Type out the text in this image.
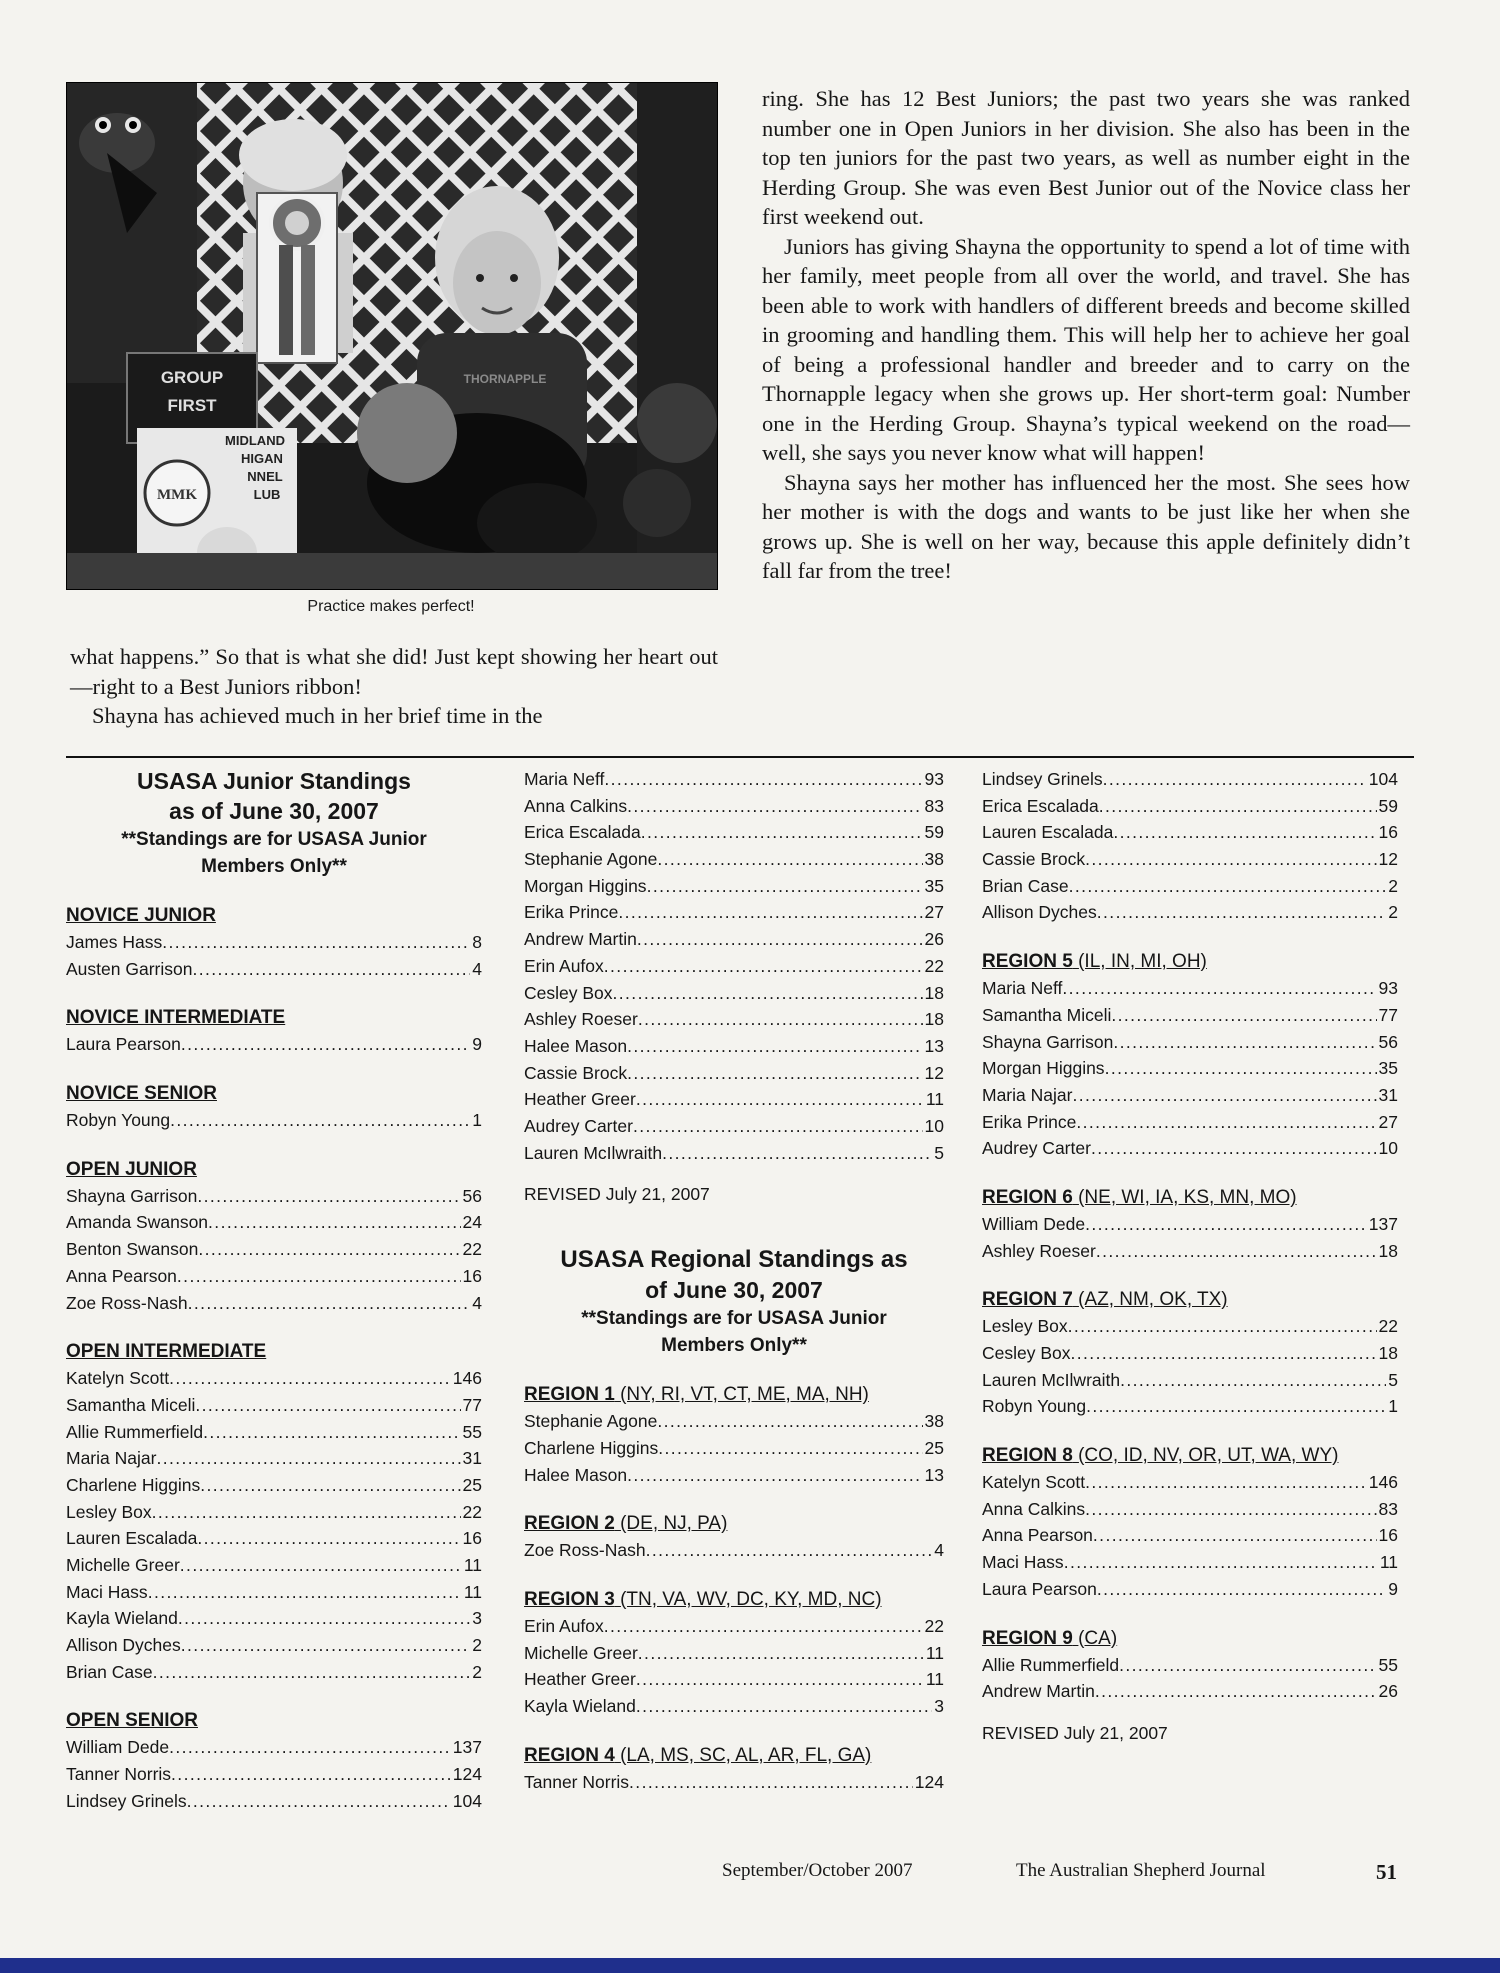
GROUP
FIRST
MMK
MIDLAND
HIGAN
NNEL
LUB
THORNAPPLE
Practice makes perfect!

what happens.” So that is what she did! Just kept showing her heart out—right to a Best Juniors ribbon!

Shayna has achieved much in her brief time in the

ring. She has 12 Best Juniors; the past two years she was ranked number one in Open Juniors in her division. She also has been in the top ten juniors for the past two years, as well as number eight in the Herding Group. She was even Best Junior out of the Novice class her first weekend out.

Juniors has giving Shayna the opportunity to spend a lot of time with her family, meet people from all over the world, and travel. She has been able to work with handlers of different breeds and become skilled in grooming and handling them. This will help her to achieve her goal of being a professional handler and breeder and to carry on the Thornapple legacy when she grows up. Her short-term goal: Number one in the Herding Group. Shayna’s typical weekend on the road—well, she says you never know what will happen!

Shayna says her mother has influenced her the most. She sees how her mother is with the dogs and wants to be just like her when she grows up. She is well on her way, because this apple definitely didn’t fall far from the tree!

USASA Junior Standings
as of June 30, 2007
**Standings are for USASA Junior
Members Only**
NOVICE JUNIOR
James Hass .....	8
Austen Garrison .....	4
NOVICE INTERMEDIATE
Laura Pearson .....	9
NOVICE SENIOR
Robyn Young .....	1
OPEN JUNIOR
Shayna Garrison .....	56
Amanda Swanson .....	24
Benton Swanson .....	22
Anna Pearson .....	16
Zoe Ross-Nash .....	4
OPEN INTERMEDIATE
Katelyn Scott .....	146
Samantha Miceli .....	77
Allie Rummerfield .....	55
Maria Najar .....	31
Charlene Higgins .....	25
Lesley Box .....	22
Lauren Escalada .....	16
Michelle Greer .....	11
Maci Hass .....	11
Kayla Wieland .....	3
Allison Dyches .....	2
Brian Case .....	2
OPEN SENIOR
William Dede .....	137
Tanner Norris .....	124
Lindsey Grinels .....	104
Maria Neff .....	93
Anna Calkins .....	83
Erica Escalada .....	59
Stephanie Agone .....	38
Morgan Higgins .....	35
Erika Prince .....	27
Andrew Martin .....	26
Erin Aufox .....	22
Cesley Box .....	18
Ashley Roeser .....	18
Halee Mason .....	13
Cassie Brock .....	12
Heather Greer .....	11
Audrey Carter .....	10
Lauren McIlwraith .....	5
REVISED July 21, 2007
USASA Regional Standings as
of June 30, 2007
**Standings are for USASA Junior
Members Only**
REGION 1 (NY, RI, VT, CT, ME, MA, NH)
Stephanie Agone .....	38
Charlene Higgins .....	25
Halee Mason .....	13
REGION 2 (DE, NJ, PA)
Zoe Ross-Nash .....	4
REGION 3 (TN, VA, WV, DC, KY, MD, NC)
Erin Aufox .....	22
Michelle Greer .....	11
Heather Greer .....	11
Kayla Wieland .....	3
REGION 4 (LA, MS, SC, AL, AR, FL, GA)
Tanner Norris .....	124
Lindsey Grinels .....	104
Erica Escalada .....	59
Lauren Escalada .....	16
Cassie Brock .....	12
Brian Case .....	2
Allison Dyches .....	2
REGION 5 (IL, IN, MI, OH)
Maria Neff .....	93
Samantha Miceli .....	77
Shayna Garrison .....	56
Morgan Higgins .....	35
Maria Najar .....	31
Erika Prince .....	27
Audrey Carter .....	10
REGION 6 (NE, WI, IA, KS, MN, MO)
William Dede .....	137
Ashley Roeser .....	18
REGION 7 (AZ, NM, OK, TX)
Lesley Box .....	22
Cesley Box .....	18
Lauren McIlwraith .....	5
Robyn Young .....	1
REGION 8 (CO, ID, NV, OR, UT, WA, WY)
Katelyn Scott .....	146
Anna Calkins .....	83
Anna Pearson .....	16
Maci Hass .....	11
Laura Pearson .....	9
REGION 9 (CA)
Allie Rummerfield .....	55
Andrew Martin .....	26
REVISED July 21, 2007
September/October 2007	The Australian Shepherd Journal	51
